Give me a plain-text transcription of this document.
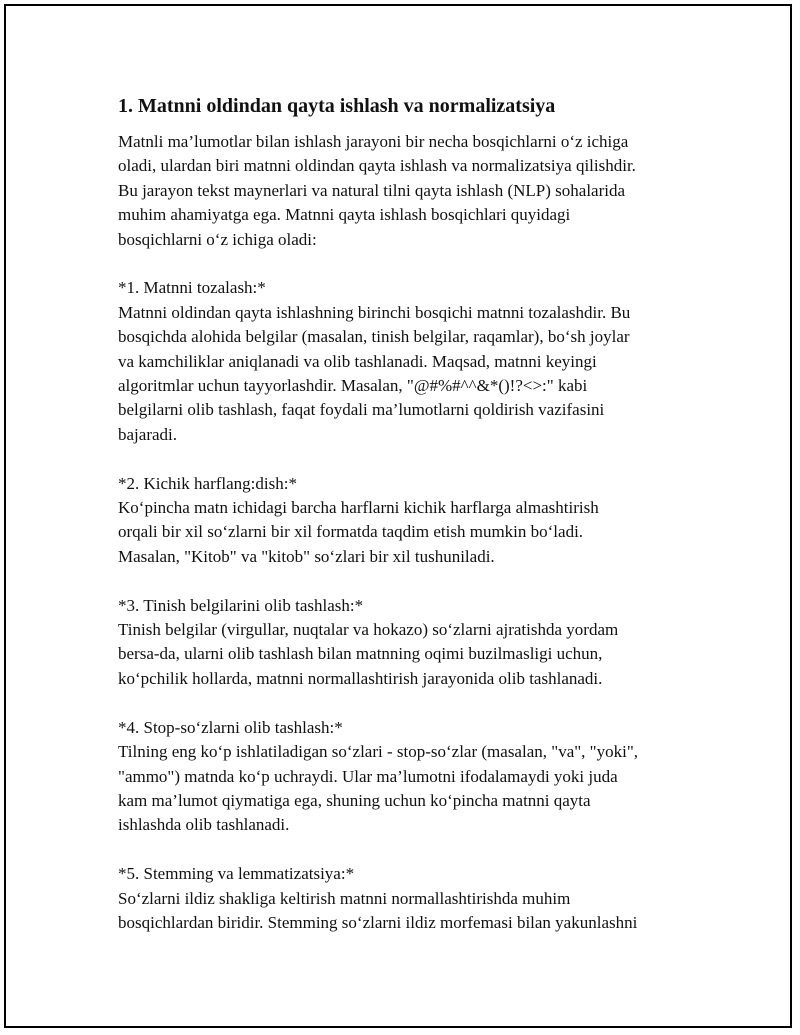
1. Matnni oldindan qayta ishlash va normalizatsiya
Matnli ma’lumotlar bilan ishlash jarayoni bir necha bosqichlarni o‘z ichiga
oladi, ulardan biri matnni oldindan qayta ishlash va normalizatsiya qilishdir.
Bu jarayon tekst maynerlari va natural tilni qayta ishlash (NLP) sohalarida
muhim ahamiyatga ega. Matnni qayta ishlash bosqichlari quyidagi
bosqichlarni o‘z ichiga oladi:
*1. Matnni tozalash:*
Matnni oldindan qayta ishlashning birinchi bosqichi matnni tozalashdir. Bu
bosqichda alohida belgilar (masalan, tinish belgilar, raqamlar), bo‘sh joylar
va kamchiliklar aniqlanadi va olib tashlanadi. Maqsad, matnni keyingi
algoritmlar uchun tayyorlashdir. Masalan, "@#%#^^&*()!?<>:" kabi
belgilarni olib tashlash, faqat foydali ma’lumotlarni qoldirish vazifasini
bajaradi.
*2. Kichik harflang:dish:*
Ko‘pincha matn ichidagi barcha harflarni kichik harflarga almashtirish
orqali bir xil so‘zlarni bir xil formatda taqdim etish mumkin bo‘ladi.
Masalan, "Kitob" va "kitob" so‘zlari bir xil tushuniladi.
*3. Tinish belgilarini olib tashlash:*
Tinish belgilar (virgullar, nuqtalar va hokazo) so‘zlarni ajratishda yordam
bersa-da, ularni olib tashlash bilan matnning oqimi buzilmasligi uchun,
ko‘pchilik hollarda, matnni normallashtirish jarayonida olib tashlanadi.
*4. Stop-so‘zlarni olib tashlash:*
Tilning eng ko‘p ishlatiladigan so‘zlari - stop-so‘zlar (masalan, "va", "yoki",
"ammo") matnda ko‘p uchraydi. Ular ma’lumotni ifodalamaydi yoki juda
kam ma’lumot qiymatiga ega, shuning uchun ko‘pincha matnni qayta
ishlashda olib tashlanadi.
*5. Stemming va lemmatizatsiya:*
So‘zlarni ildiz shakliga keltirish matnni normallashtirishda muhim
bosqichlardan biridir. Stemming so‘zlarni ildiz morfemasi bilan yakunlashni
